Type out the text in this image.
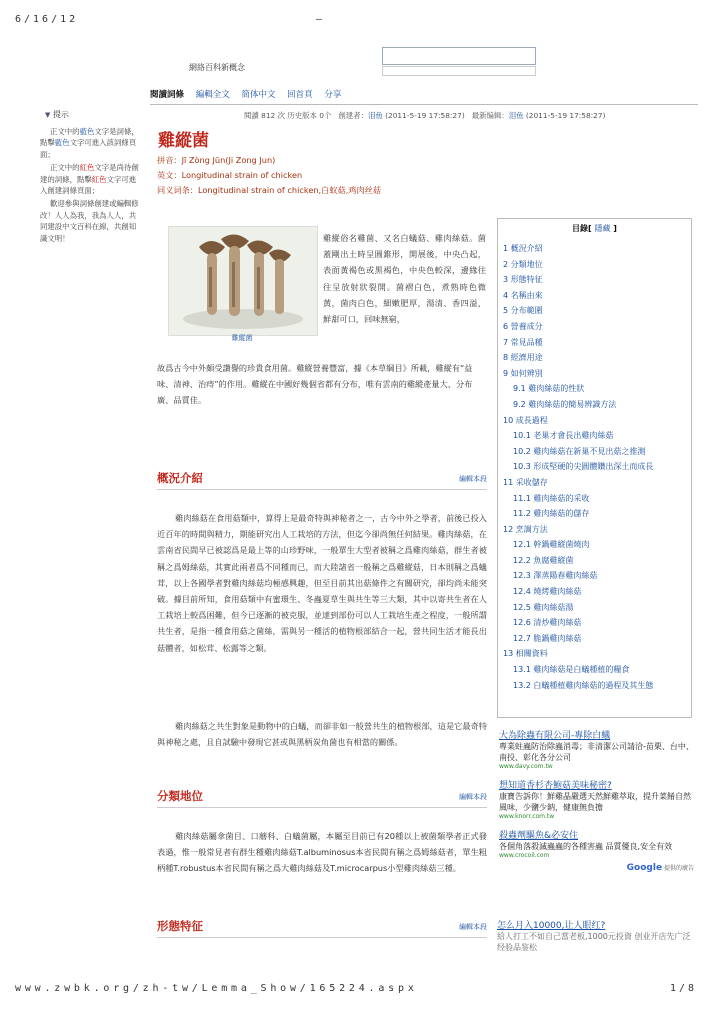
6/16/12	–
網絡百科新概念
閱讀詞條 編輯全文 简体中文 回首頁 分享
▼ 提示

正文中的藍色文字是詞條，點擊藍色文字可進入該詞條頁面；

正文中的紅色文字是尚待創建的詞條，點擊紅色文字可進入創建詞條頁面；

歡迎參與詞條創建或編輯修改！人人為我，我為人人，共同建設中文百科在線，共創知識文明！

閱讀 812 次 历史版本 0个 創建者：泪鱼 (2011-5-19 17:58:27) 最新编辑：泪鱼 (2011-5-19 17:58:27)
雞縱菌
拼音：Jī Zòng Jūn(Ji Zong Jun)
英文：Longitudinal strain of chicken
同义词条：Longitudinal strain of chicken,白蚁菇,鸡肉丝菇
雞縱菌
雞縱俗名雞菌、又名白蟻菇、雞肉絲菇。菌蓋剛出土時呈圓錐形，開展後，中央凸起，表面黃褐色或黑褐色，中央色較深，邊緣往往呈放射狀裂開。菌褶白色，煮熟時色微黃，菌肉白色，細嫩肥厚，湯清、香四溢，鮮甜可口，回味無窮，
故爲古今中外頗受讚譽的珍貴食用菌。雞縱營養豐富，據《本草綱目》所載，雞縱有“益味、清神、治痔”的作用。雞縱在中國好幾個省都有分布，唯有雲南的雞縱產量大、分布廣、品質佳。
概況介紹	編輯本段
雞肉絲菇在食用菇類中，算得上是最奇特與神秘者之一，古今中外之學者，前後已投入近百年的時間與精力，期能研究出人工栽培的方法，但迄今卻尚無任何結果。雞肉絲菇，在雲南省民間早已被認爲是最上等的山珍野味，一般單生大型者被稱之爲雞肉絲菇，群生者被稱之爲姆絲菇，其實此兩者爲不同種而已，而大陸諸省一般稱之爲雞縱菇，日本則稱之爲蟻茸，以上各國學者對雞肉絲菇均極感興趣，但至目前其出菇條件之有關研究，卻均尚未能突破。據目前所知，食用菇類中有蜜環生、冬蟲夏草生與共生等三大類，其中以寄共生者在人工栽培上較爲困難，但今已逐漸的被克服，並達到部份可以人工栽培生產之程度，一般所謂共生者，是指一種食用菇之菌絲，需與另一種活的植物根部結合一起，營共同生活才能長出菇體者，如松茸、松露等之類。
雞肉絲菇之共生對象是動物中的白蟻，而卻非如一般營共生的植物根部，這是它最奇特與神秘之處，且自試驗中發現它甚或與黑柄炭角菌也有相當的關係。
分類地位	編輯本段
雞肉絲菇屬傘菌目、口蘑科、白蟻菌屬，本屬至目前已有20種以上被菌類學者正式發表過，惟一般常見者有群生種雞肉絲菇T.albuminosus本省民間有稱之爲姆絲菇者，單生粗柄種T.robustus本省民間有稱之爲大雞肉絲菇及T.microcarpus小型雞肉絲菇三種。
形態特征	編輯本段
目錄[ 隱藏 ]
1 概況介紹
2 分類地位
3 形態特征
4 名稱由來
5 分布範圍
6 營養成分
7 常見品種
8 經濟用途
9 如何辨別
9.1 雞肉絲菇的性狀
9.2 雞肉絲菇的簡易辨識方法
10 成長過程
10.1 老巢才會長出雞肉絲菇
10.2 雞肉絲菇在新巢不見出菇之推測
10.3 形成堅硬的尖圓體鑽出深土而成長
11 采收儲存
11.1 雞肉絲菇的采收
11.2 雞肉絲菇的儲存
12 烹調方法
12.1 幹鍋雞縱菌燒肉
12.2 魚腐雞縱菌
12.3 澤蒸陽春雞肉絲菇
12.4 燒烤雞肉絲菇
12.5 雞肉絲菇湯
12.6 清炒雞肉絲菇
12.7 脆鍋雞肉絲菇
13 相關資料
13.1 雞肉絲菇是白蟻種植的糧食
13.2 白蟻種植雞肉絲菇的過程及其生態
大為除蟲有限公司-專除白蟻
專業蛀蟲防治除蟲消毒；非清潔公司請洽-苗栗、台中、南投、彰化各分公司
www.davy.com.tw
想知道香杉杏鮑菇美味秘密?
康寶告訴你！鮮雞晶嚴選天然鮮雞萃取，提升菜餚自然風味，少鹽少鈉，健康無負擔
www.knorr.com.tw
殺蟲劑驅魚&必安住
各個角落殺滅蟲蟲的各種害蟲 品質優良,安全有效
www.crocoil.com
Google 提供的廣告
怎么月入10000,让人眼红?
給人打工不如自己當老板,1000元投資 创业开店先广泛经验品鉴松
www.zwbk.org/zh-tw/Lemma_Show/165224.aspx	1/8
